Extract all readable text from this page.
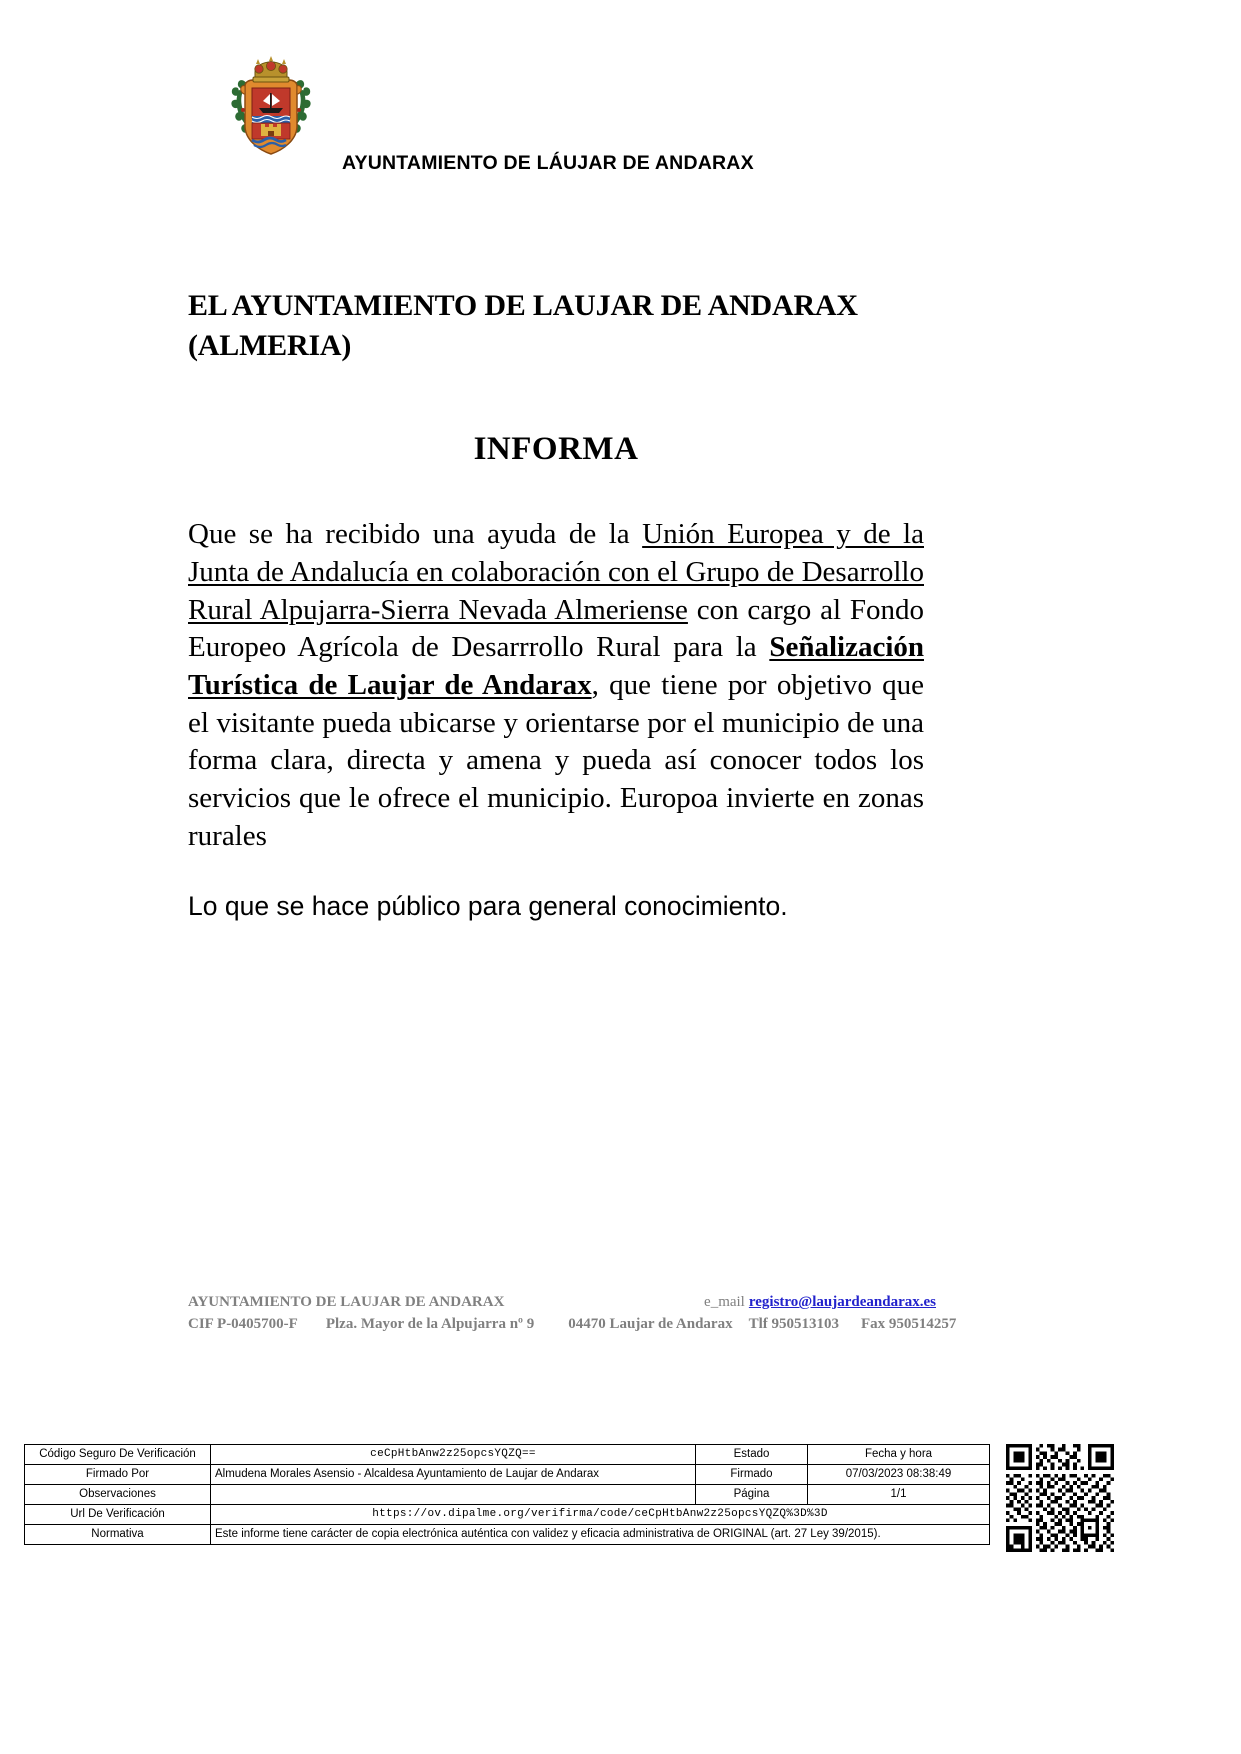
AYUNTAMIENTO DE LÁUJAR DE ANDARAX
EL AYUNTAMIENTO DE LAUJAR DE ANDARAX
(ALMERIA)
INFORMA
Que se ha recibido una ayuda de la Unión Europea y de la Junta de Andalucía en colaboración con el Grupo de Desarrollo Rural Alpujarra-Sierra Nevada Almeriense con cargo al Fondo Europeo Agrícola de Desarrrollo Rural para la Señalización Turística de Laujar de Andarax, que tiene por objetivo que el visitante pueda ubicarse y orientarse por el municipio de una forma clara, directa y amena y pueda así conocer todos los servicios que le ofrece el municipio. Europoa invierte en zonas rurales
Lo que se hace público para general conocimiento.
AYUNTAMIENTO DE LAUJAR DE ANDARAX	e_mail registro@laujardeandarax.es
CIF P-0405700-F Plza. Mayor de la Alpujarra nº 9 04470 Laujar de Andarax Tlf 950513103 Fax 950514257
Código Seguro De Verificación	ceCpHtbAnw2z25opcsYQZQ==	Estado	Fecha y hora
Firmado Por	Almudena Morales Asensio - Alcaldesa Ayuntamiento de Laujar de Andarax	Firmado	07/03/2023 08:38:49
Observaciones		Página	1/1
Url De Verificación	https://ov.dipalme.org/verifirma/code/ceCpHtbAnw2z25opcsYQZQ%3D%3D		
Normativa	Este informe tiene carácter de copia electrónica auténtica con validez y eficacia administrativa de ORIGINAL (art. 27 Ley 39/2015).		
